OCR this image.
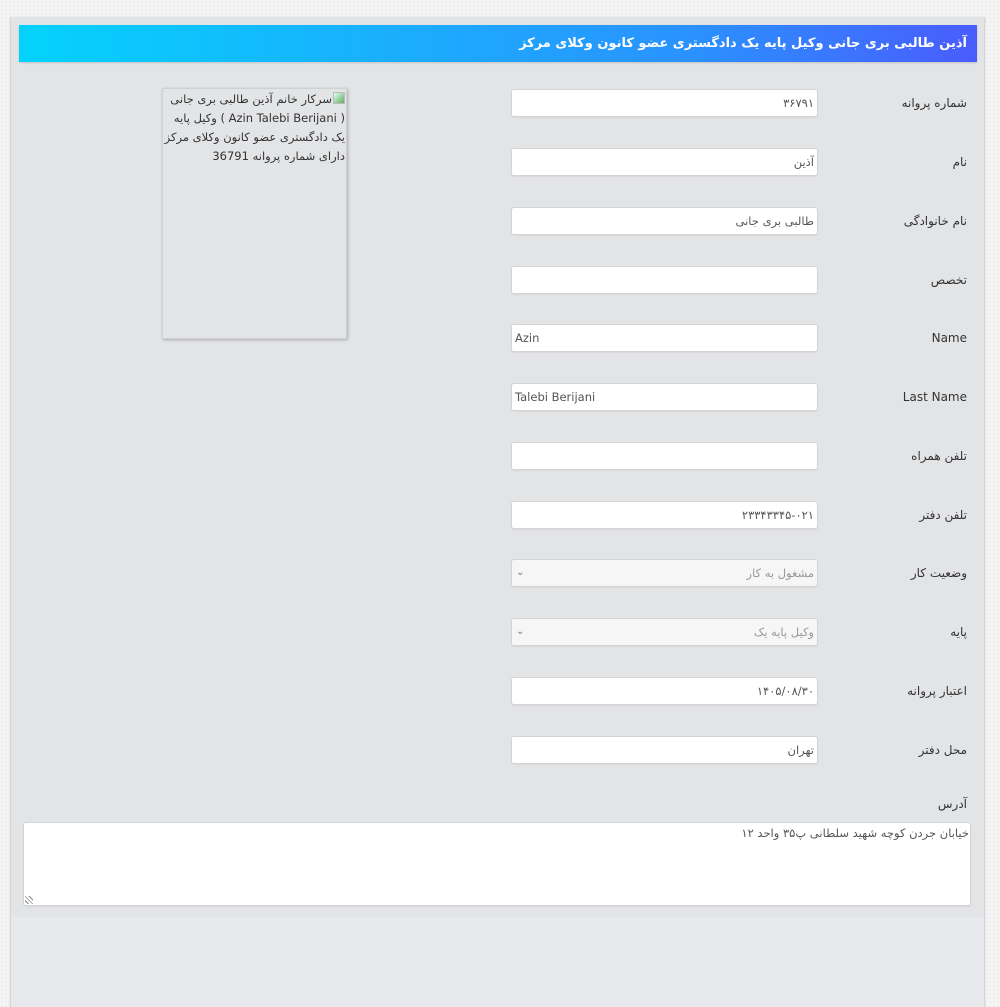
آذین طالبی بری جانی وکیل پایه یک دادگستری عضو کانون وکلای مرکز
سرکار خانم آذین طالبی بری جانی ( Azin Talebi Berijani ) وکیل پایه یک دادگستری عضو کانون وکلای مرکز دارای شماره پروانه 36791
شماره پروانه
۳۶۷۹۱
نام
آذین
نام خانوادگی
طالبی بری جانی
تخصص
Name
Azin
Last Name
Talebi Berijani
تلفن همراه
تلفن دفتر
۲۳۳۴۳۳۴۵-۰۲۱
وضعیت کار
مشغول به کار
⌄
پایه
وکیل پایه یک
⌄
اعتبار پروانه
۱۴۰۵/۰۸/۳۰
محل دفتر
تهران
آدرس
خیابان جردن کوچه شهید سلطانی پ۳۵ واحد ۱۲
